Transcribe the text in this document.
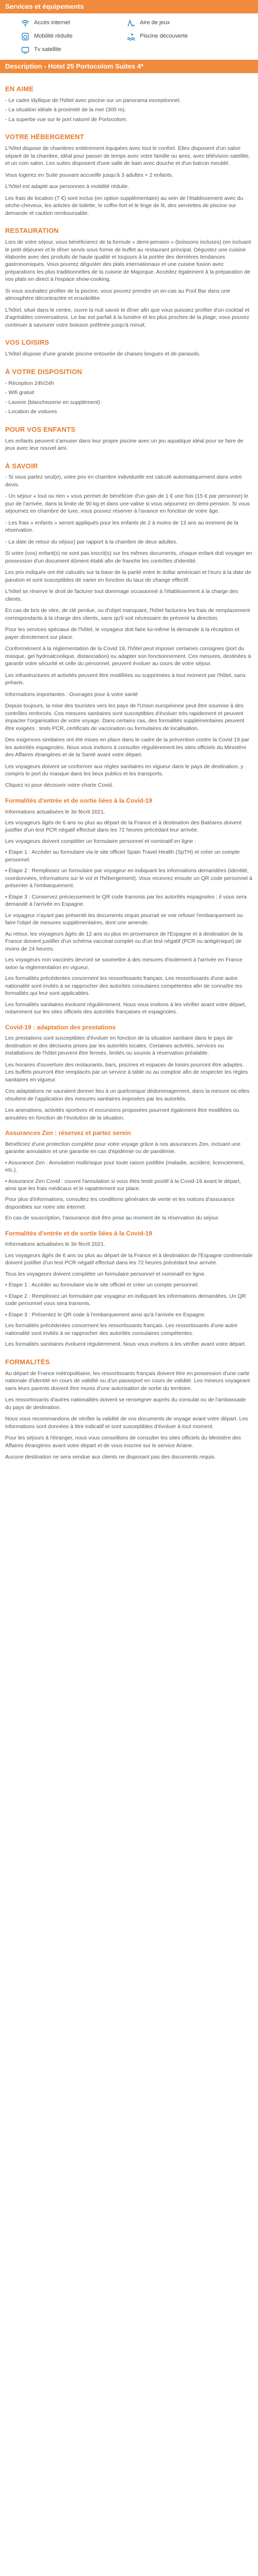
Services et équipements
Accès internet	Aire de jeux
Mobilité réduite	Piscine découverte
Tv satellite
Description - Hotel 25 Portocolom Suites 4*
EN AIME

- Le cadre idyllique de l'hôtel avec piscine sur un panorama exceptionnel.

- La situation idéale à proximité de la mer (300 m).

- La superbe vue sur le port naturel de Portocolom.

VOTRE HÉBERGEMENT

L'hôtel dispose de chambres entièrement équipées avec tout le confort. Elles disposent d'un salon séparé de la chambre, idéal pour passer de temps avec votre famille ou amis, avec télévision satellite, et un coin salon. Les suites disposent d'une salle de bain avec douche et d'un balcon meublé.

Vous logerez en Suite pouvant accueillir jusqu'à 3 adultes + 2 enfants.

L'hôtel est adapté aux personnes à mobilité réduite.

Les frais de location (7 €) sont inclus (en option supplémentaire) au sein de l'établissement avec du sèche-cheveux, les articles de toilette, le coffre-fort et le linge de lit, des serviettes de piscine sur demande et caution remboursable.

RESTAURATION

Lors de votre séjour, vous bénéficierez de la formule « demi-pension » (boissons incluses) (en incluant le petit déjeuner et le dîner servis sous forme de buffet au restaurant principal. Dégustez une cuisine élaborée avec des produits de haute qualité et toujours à la portée des dernières tendances gastronomiques. Vous pourrez déguster des plats internationaux et une cuisine fusion avec préparations les plus traditionnelles de la cuisine de Majorque. Accédez également à la préparation de vos plats en direct à l'espace show-cooking.

Si vous souhaitez profiter de la piscine, vous pouvez prendre un en-cas au Pool Bar dans une atmosphère décontractée et ensoleillée.

L'hôtel, situé dans le centre, ouvre la nuit savoir le dîner afin que vous puissiez profiter d'un cocktail et d'agréables conversations. Le bar est parfait à la lumière et les plus proches de la plage, vous pouvez continuer à savourer votre boisson préférée jusqu'à minuit.

VOS LOISIRS

L'hôtel dispose d'une grande piscine entourée de chaises longues et de parasols.

À VOTRE DISPOSITION

- Réception 24h/24h

- Wifi gratuit

- Laverie (blanchisserie en supplément)

- Location de voitures

POUR VOS ENFANTS

Les enfants peuvent s'amuser dans leur propre piscine avec un jeu aquatique idéal pour se faire de jeux avec leur nouvel ami.

À SAVOIR

- Si vous partez seul(e), votre prix en chambre individuelle est calculé automatiquement dans votre devis.

- Un séjour « tout ou rien » vous permet de bénéficier d'un gain de 1 € une fois (15 € par personne) le jour de l'arrivée, dans la limite de 90 kg et dans une valise si vous séjournez en demi-pension. Si vous séjournez en chambre de luxe, vous pouvez réserver à l'avance en fonction de votre âge.

- Les frais « enfants » seront appliqués pour les enfants de 2 à moins de 13 ans au moment de la réservation.

- La date de retour du séjour) par rapport à la chambre de deux adultes.

Si votre (vos) enfant(s) ne sont pas inscrit(s) sur les mêmes documents, chaque enfant doit voyager en possession d'un document dûment établi afin de franchir les contrôles d'identité.

Les prix indiqués ont été calculés sur la base de la parité entre le dollar américain et l'euro à la date de parution et sont susceptibles de varier en fonction du taux de change effectif.

L'hôtel se réserve le droit de facturer tout dommage occasionné à l'établissement à la charge des clients.

En cas de bris de vitre, de clé perdue, ou d'objet manquant, l'hôtel facturera les frais de remplacement correspondants à la charge des clients, sans qu'il soit nécessaire de prévenir la direction.

Pour les services spéciaux de l'hôtel, le voyageur doit faire lui-même la demande à la réception et payer directement sur place.

Conformément à la réglementation de la Covid 19, l'hôtel peut imposer certaines consignes (port du masque, gel hydroalcoolique, distanciation) ou adapter son fonctionnement. Ces mesures, destinées à garantir votre sécurité et celle du personnel, peuvent évoluer au cours de votre séjour.

Les infrastructures et activités peuvent être modifiées ou supprimées à tout moment par l'hôtel, sans préavis.

Informations importantes : Ouvrages pour à votre santé

Depuis toujours, la mise des touristes vers les pays de l'Union européenne peut être soumise à des contrôles renforcés. Ces mesures sanitaires sont susceptibles d'évoluer très rapidement et peuvent impacter l'organisation de votre voyage. Dans certains cas, des formalités supplémentaires peuvent être exigées : tests PCR, certificats de vaccination ou formulaires de localisation.

Des exigences similaires ont été mises en place dans le cadre de la prévention contre la Covid 19 par les autorités espagnoles. Nous vous invitons à consulter régulièrement les sites officiels du Ministère des Affaires étrangères et de la Santé avant votre départ.

Les voyageurs doivent se conformer aux règles sanitaires en vigueur dans le pays de destination, y compris le port du masque dans les lieux publics et les transports.

Cliquez ici pour découvrir notre charte Covid.

Formalités d'entrée et de sortie liées à la Covid-19

Informations actualisées le 3e fécrit 2021.

Les voyageurs âgés de 6 ans ou plus au départ de la France et à destination des Baléares doivent justifier d'un test PCR négatif effectué dans les 72 heures précédant leur arrivée.

Les voyageurs doivent compléter un formulaire personnel et nominatif en ligne :

• Étape 1 : Accéder au formulaire via le site officiel Spain Travel Health (SpTH) et créer un compte personnel.

• Étape 2 : Remplissez un formulaire par voyageur en indiquant les informations demandées (identité, coordonnées, informations sur le vol et l'hébergement). Vous recevrez ensuite un QR code personnel à présenter à l'embarquement.

• Étape 3 : Conservez précieusement le QR code transmis par les autorités espagnoles ; il vous sera demandé à l'arrivée en Espagne.

Le voyageur n'ayant pas présenté les documents requis pourrait se voir refuser l'embarquement ou faire l'objet de mesures supplémentaires, dont une amende.

Au retour, les voyageurs âgés de 12 ans ou plus en provenance de l'Espagne et à destination de la France doivent justifier d'un schéma vaccinal complet ou d'un test négatif (PCR ou antigénique) de moins de 24 heures.

Les voyageurs non vaccinés devront se soumettre à des mesures d'isolement à l'arrivée en France selon la réglementation en vigueur.

Les formalités précédentes concernent les ressortissants français. Les ressortissants d'une autre nationalité sont invités à se rapprocher des autorités consulaires compétentes afin de connaître les formalités qui leur sont applicables.

Les formalités sanitaires évoluent régulièrement. Nous vous invitons à les vérifier avant votre départ, notamment sur les sites officiels des autorités françaises et espagnoles.

Covid-19 : adaptation des prestations

Les prestations sont susceptibles d'évoluer en fonction de la situation sanitaire dans le pays de destination et des décisions prises par les autorités locales. Certaines activités, services ou installations de l'hôtel peuvent être fermés, limités ou soumis à réservation préalable.

Les horaires d'ouverture des restaurants, bars, piscines et espaces de loisirs pourront être adaptés. Les buffets pourront être remplacés par un service à table ou au comptoir afin de respecter les règles sanitaires en vigueur.

Ces adaptations ne sauraient donner lieu à un quelconque dédommagement, dans la mesure où elles résultent de l'application des mesures sanitaires imposées par les autorités.

Les animations, activités sportives et excursions proposées pourront également être modifiées ou annulées en fonction de l'évolution de la situation.

Assurances Zen : réservez et partez serein

Bénéficiez d'une protection complète pour votre voyage grâce à nos assurances Zen, incluant une garantie annulation et une garantie en cas d'épidémie ou de pandémie.

• Assurance Zen : Annulation multirisque pour toute raison justifiée (maladie, accident, licenciement, etc.).

• Assurance Zen Covid : couvre l'annulation si vous êtes testé positif à la Covid-19 avant le départ, ainsi que les frais médicaux et le rapatriement sur place.

Pour plus d'informations, consultez les conditions générales de vente et les notices d'assurance disponibles sur notre site internet.

En cas de souscription, l'assurance doit être prise au moment de la réservation du séjour.

Formalités d'entrée et de sortie liées à la Covid-19

Informations actualisées le 3e fécrit 2021.

Les voyageurs âgés de 6 ans ou plus au départ de la France et à destination de l'Espagne continentale doivent justifier d'un test PCR négatif effectué dans les 72 heures précédant leur arrivée.

Tous les voyageurs doivent compléter un formulaire personnel et nominatif en ligne.

• Étape 1 : Accéder au formulaire via le site officiel et créer un compte personnel.

• Étape 2 : Remplissez un formulaire par voyageur en indiquant les informations demandées. Un QR code personnel vous sera transmis.

• Étape 3 : Présentez le QR code à l'embarquement ainsi qu'à l'arrivée en Espagne.

Les formalités précédentes concernent les ressortissants français. Les ressortissants d'une autre nationalité sont invités à se rapprocher des autorités consulaires compétentes.

Les formalités sanitaires évoluent régulièrement. Nous vous invitons à les vérifier avant votre départ.

FORMALITÉS

Au départ de France métropolitaine, les ressortissants français doivent être en possession d'une carte nationale d'identité en cours de validité ou d'un passeport en cours de validité. Les mineurs voyageant sans leurs parents doivent être munis d'une autorisation de sortie du territoire.

Les ressortissants d'autres nationalités doivent se renseigner auprès du consulat ou de l'ambassade du pays de destination.

Nous vous recommandons de vérifier la validité de vos documents de voyage avant votre départ. Les informations sont données à titre indicatif et sont susceptibles d'évoluer à tout moment.

Pour les séjours à l'étranger, nous vous conseillons de consulter les sites officiels du Ministère des Affaires étrangères avant votre départ et de vous inscrire sur le service Ariane.

Aucune destination ne sera vendue aux clients ne disposant pas des documents requis.
